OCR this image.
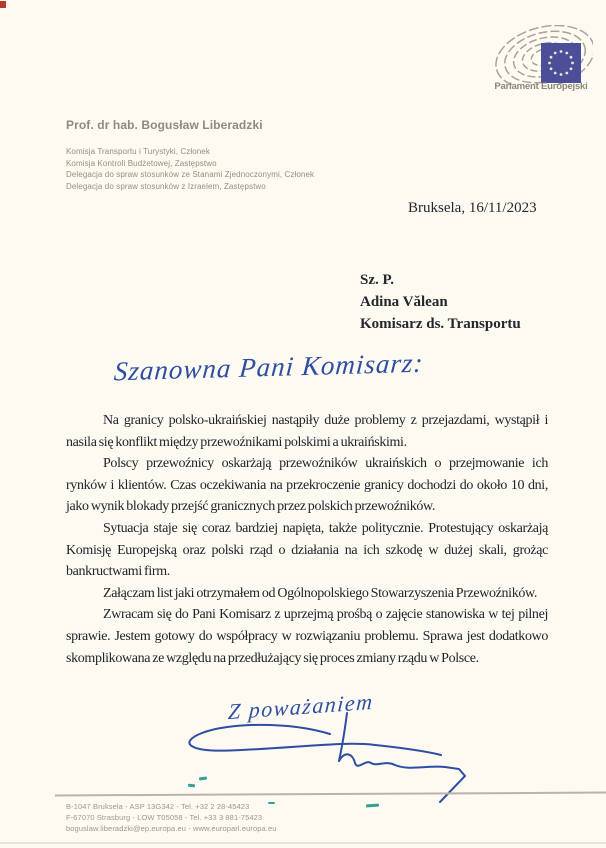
Parlament Europejski
Prof. dr hab. Bogusław Liberadzki
Komisja Transportu i Turystyki, Członek
Komisja Kontroli Budżetowej, Zastępstwo
Delegacja do spraw stosunków ze Stanami Zjednoczonymi, Członek
Delegacja do spraw stosunków z Izraelem, Zastępstwo
Bruksela, 16/11/2023
Sz. P.
Adina Vălean
Komisarz ds. Transportu
Szanowna Pani Komisarz:

Na granicy polsko-ukraińskiej nastąpiły duże problemy z przejazdami, wystąpił i nasila się konflikt między przewoźnikami polskimi a ukraińskimi.

Polscy przewoźnicy oskarżają przewoźników ukraińskich o przejmowanie ich rynków i klientów. Czas oczekiwania na przekroczenie granicy dochodzi do około 10 dni, jako wynik blokady przejść granicznych przez polskich przewoźników.

Sytuacja staje się coraz bardziej napięta, także politycznie. Protestujący oskarżają Komisję Europejską oraz polski rząd o działania na ich szkodę w dużej skali, grożąc bankructwami firm.

Załączam list jaki otrzymałem od Ogólnopolskiego Stowarzyszenia Przewoźników.

Zwracam się do Pani Komisarz z uprzejmą prośbą o zajęcie stanowiska w tej pilnej sprawie. Jestem gotowy do współpracy w rozwiązaniu problemu. Sprawa jest dodatkowo skomplikowana ze względu na przedłużający się proces zmiany rządu w Polsce.

Z poważaniem
B-1047 Bruksela - ASP 13G342 - Tel. +32 2 28-45423
F-67070 Strasburg - LOW T05058 - Tel. +33 3 881-75423
boguslaw.liberadzki@ep.europa.eu - www.europarl.europa.eu
